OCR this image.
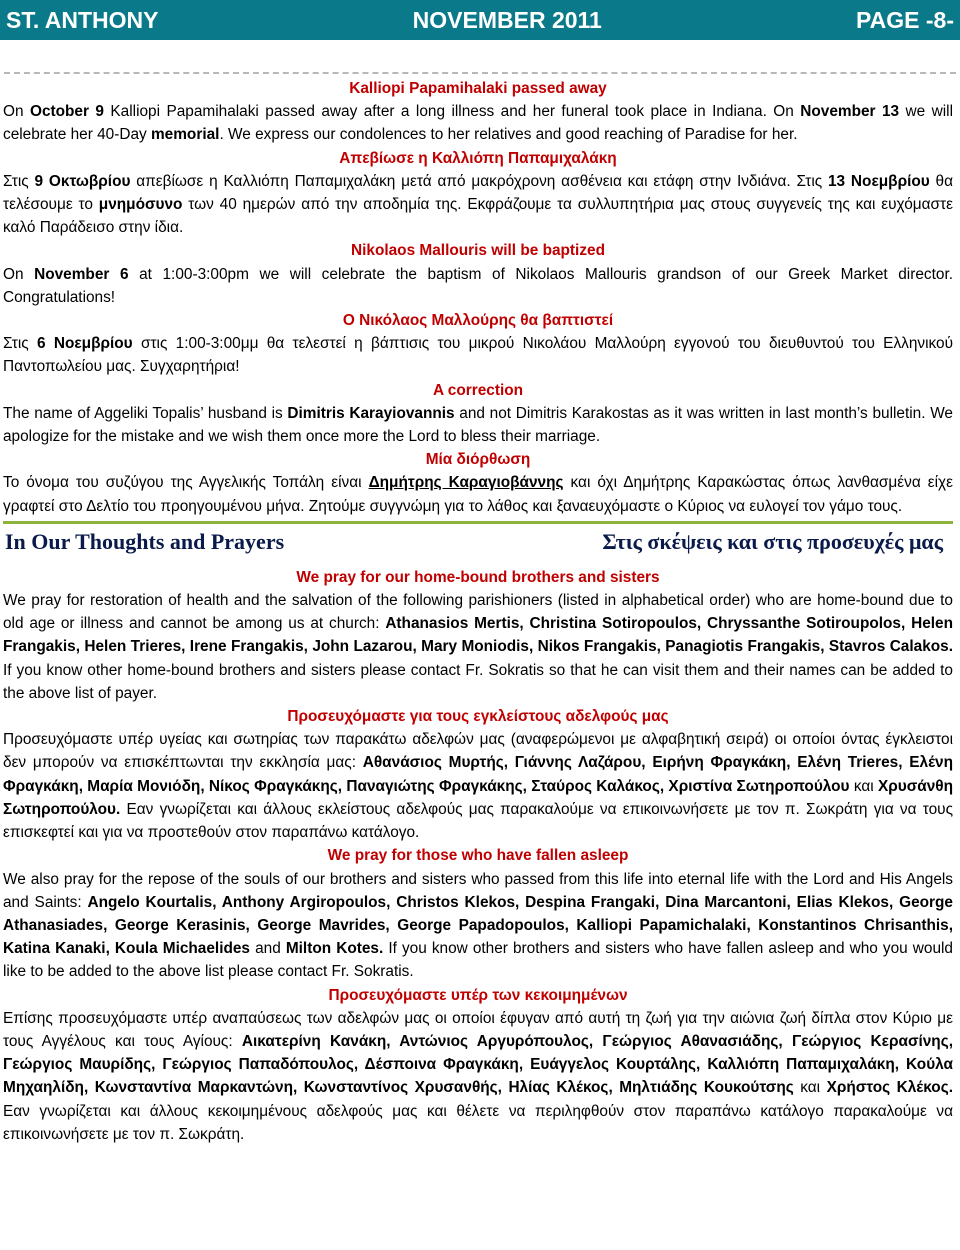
ST. ANTHONY	NOVEMBER 2011	PAGE -8-
Kalliopi Papamihalaki passed away
On October 9 Kalliopi Papamihalaki passed away after a long illness and her funeral took place in Indiana. On November 13 we will celebrate her 40-Day memorial. We express our condolences to her relatives and good reaching of Paradise for her.
Απεβίωσε η Καλλιόπη Παπαμιχαλάκη
Στις 9 Οκτωβρίου απεβίωσε η Καλλιόπη Παπαμιχαλάκη μετά από μακρόχρονη ασθένεια και ετάφη στην Ινδιάνα. Στις 13 Νοεμβρίου θα τελέσουμε το μνημόσυνο των 40 ημερών από την αποδημία της. Εκφράζουμε τα συλλυπητήρια μας στους συγγενείς της και ευχόμαστε καλό Παράδεισο στην ίδια.
Nikolaos Mallouris will be baptized
On November 6 at 1:00-3:00pm we will celebrate the baptism of Nikolaos Mallouris grandson of our Greek Market director. Congratulations!
Ο Νικόλαος Μαλλούρης θα βαπτιστεί
Στις 6 Νοεμβρίου στις 1:00-3:00μμ θα τελεστεί η βάπτισις του μικρού Νικολάου Μαλλούρη εγγονού του διευθυντού του Ελληνικού Παντοπωλείου μας. Συγχαρητήρια!
A correction
The name of Aggeliki Topalis’ husband is Dimitris Karayiovannis and not Dimitris Karakostas as it was written in last month’s bulletin. We apologize for the mistake and we wish them once more the Lord to bless their marriage.
Μία διόρθωση
Το όνομα του συζύγου της Αγγελικής Τοπάλη είναι Δημήτρης Καραγιοβάννης και όχι Δημήτρης Καρακώστας όπως λανθασμένα είχε γραφτεί στο Δελτίο του προηγουμένου μήνα. Ζητούμε συγγνώμη για το λάθος και ξαναευχόμαστε ο Κύριος να ευλογεί τον γάμο τους.
In Our Thoughts and Prayers	Στις σκέψεις και στις προσευχές μας
We pray for our home-bound brothers and sisters
We pray for restoration of health and the salvation of the following parishioners (listed in alphabetical order) who are home-bound due to old age or illness and cannot be among us at church: Athanasios Mertis, Christina Sotiropoulos, Chryssanthe Sotiroupolos, Helen Frangakis, Helen Trieres, Irene Frangakis, John Lazarou, Mary Moniodis, Nikos Frangakis, Panagiotis Frangakis, Stavros Calakos. If you know other home-bound brothers and sisters please contact Fr. Sokratis so that he can visit them and their names can be added to the above list of payer.
Προσευχόμαστε για τους εγκλείστους αδελφούς μας
Προσευχόμαστε υπέρ υγείας και σωτηρίας των παρακάτω αδελφών μας (αναφερώμενοι με αλφαβητική σειρά) οι οποίοι όντας έγκλειστοι δεν μπορούν να επισκέπτωνται την εκκλησία μας: Αθανάσιος Μυρτής, Γιάννης Λαζάρου, Ειρήνη Φραγκάκη, Ελένη Trieres, Ελένη Φραγκάκη, Μαρία Μονιόδη, Νίκος Φραγκάκης, Παναγιώτης Φραγκάκης, Σταύρος Καλάκος, Χριστίνα Σωτηροπούλου και Χρυσάνθη Σωτηροπούλου. Εαν γνωρίζεται και άλλους εκλείστους αδελφούς μας παρακαλούμε να επικοινωνήσετε με τον π. Σωκράτη για να τους επισκεφτεί και για να προστεθούν στον παραπάνω κατάλογο.
We pray for those who have fallen asleep
We also pray for the repose of the souls of our brothers and sisters who passed from this life into eternal life with the Lord and His Angels and Saints: Angelo Kourtalis, Anthony Argiropoulos, Christos Klekos, Despina Frangaki, Dina Marcantoni, Elias Klekos, George Athanasiades, George Kerasinis, George Mavrides, George Papadopoulos, Kalliopi Papamichalaki, Konstantinos Chrisanthis, Katina Kanaki, Koula Michaelides and Milton Kotes. If you know other brothers and sisters who have fallen asleep and who you would like to be added to the above list please contact Fr. Sokratis.
Προσευχόμαστε υπέρ των κεκοιμημένων
Επίσης προσευχόμαστε υπέρ αναπαύσεως των αδελφών μας οι οποίοι έφυγαν από αυτή τη ζωή για την αιώνια ζωή δίπλα στον Κύριο με τους Αγγέλους και τους Αγίους: Αικατερίνη Κανάκη, Αντώνιος Αργυρόπουλος, Γεώργιος Αθανασιάδης, Γεώργιος Κερασίνης, Γεώργιος Μαυρίδης, Γεώργιος Παπαδόπουλος, Δέσποινα Φραγκάκη, Ευάγγελος Κουρτάλης, Καλλιόπη Παπαμιχαλάκη, Κούλα Μηχαηλίδη, Κωνσταντίνα Μαρκαντώνη, Κωνσταντίνος Χρυσανθής, Ηλίας Κλέκος, Μηλτιάδης Κουκούτσης και Χρήστος Κλέκος. Εαν γνωρίζεται και άλλους κεκοιμημένους αδελφούς μας και θέλετε να περιληφθούν στον παραπάνω κατάλογο παρακαλούμε να επικοινωνήσετε με τον π. Σωκράτη.
